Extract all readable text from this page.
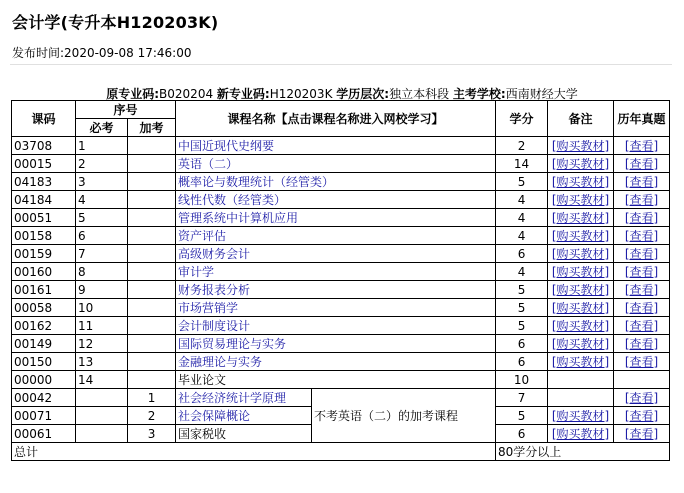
会计学(专升本H120203K)
发布时间:2020-09-08 17:46:00
原专业码:B020204 新专业码:H120203K 学历层次:独立本科段 主考学校:西南财经大学
课码	序号		课程名称【点击课程名称进入网校学习】		学分	备注	历年真题
	必考	加考					
03708	1		中国近现代史纲要		2	[购买教材]	[查看]
00015	2		英语（二）		14	[购买教材]	[查看]
04183	3		概率论与数理统计（经管类）		5	[购买教材]	[查看]
04184	4		线性代数（经管类）		4	[购买教材]	[查看]
00051	5		管理系统中计算机应用		4	[购买教材]	[查看]
00158	6		资产评估		4	[购买教材]	[查看]
00159	7		高级财务会计		6	[购买教材]	[查看]
00160	8		审计学		4	[购买教材]	[查看]
00161	9		财务报表分析		5	[购买教材]	[查看]
00058	10		市场营销学		5	[购买教材]	[查看]
00162	11		会计制度设计		5	[购买教材]	[查看]
00149	12		国际贸易理论与实务		6	[购买教材]	[查看]
00150	13		金融理论与实务		6	[购买教材]	[查看]
00000	14		毕业论文		10		
00042		1	社会经济统计学原理	不考英语（二）的加考课程	7		[查看]
00071		2	社会保障概论		5	[购买教材]	[查看]
00061		3	国家税收		6	[购买教材]	[查看]
总计					80学分以上		
